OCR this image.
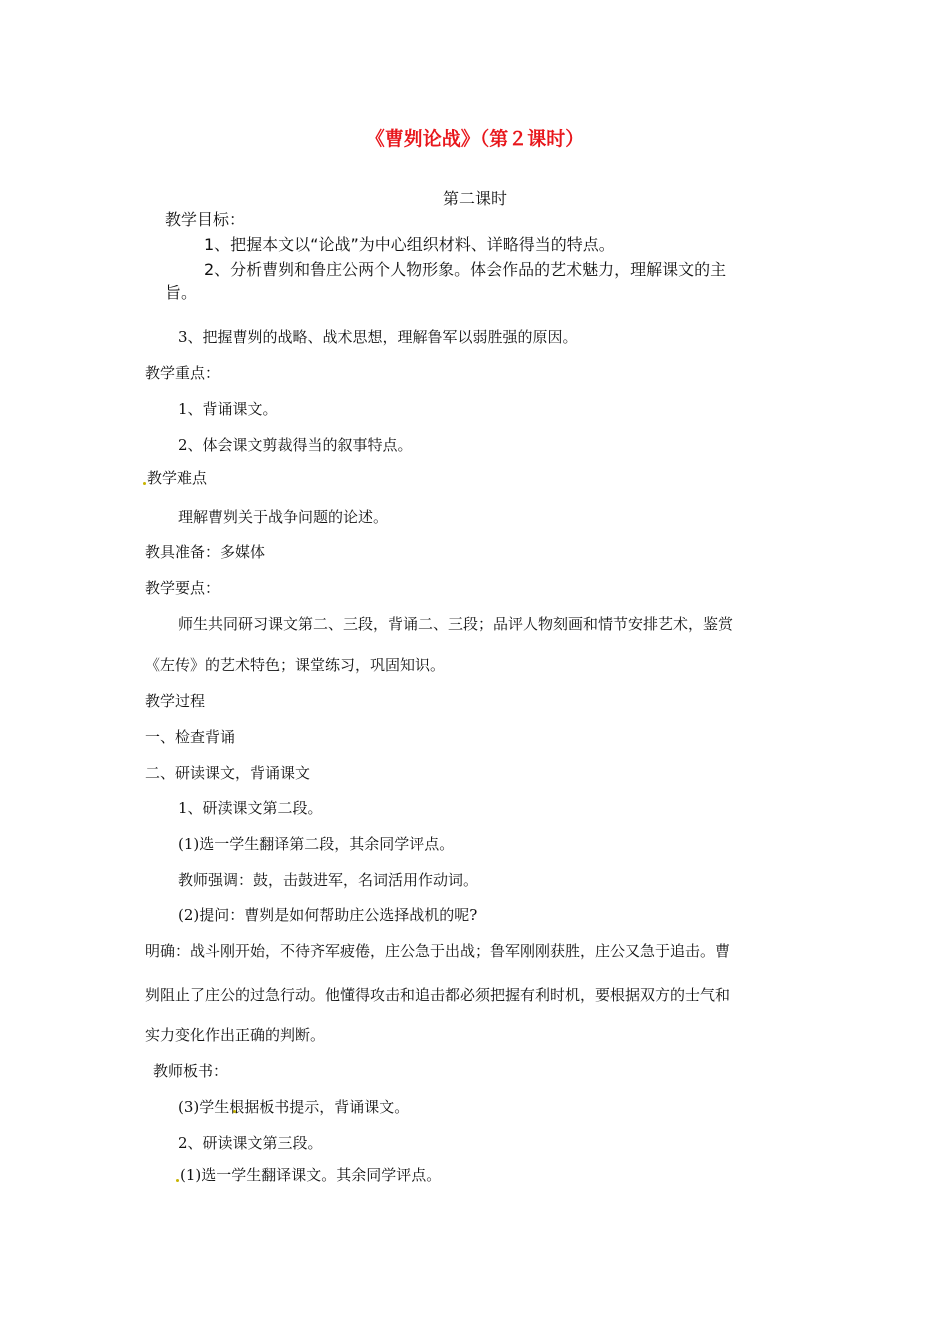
《曹刿论战》（第２课时）
第二课时
教学目标：
1、把握本文以“论战”为中心组织材料、详略得当的特点。
2、分析曹刿和鲁庄公两个人物形象。体会作品的艺术魅力，理解课文的主
旨。
3、把握曹刿的战略、战术思想，理解鲁军以弱胜强的原因。
教学重点：
1、背诵课文。
2、体会课文剪裁得当的叙事特点。
教学难点
理解曹刿关于战争问题的论述。
教具准备：多媒体
教学要点：
师生共同研习课文第二、三段，背诵二、三段；品评人物刻画和情节安排艺术，鉴赏
《左传》的艺术特色；课堂练习，巩固知识。
教学过程
一、检查背诵
二、研读课文，背诵课文
1、研渎课文第二段。
(1)选一学生翻译第二段，其余同学评点。
教师强调：鼓，击鼓进军，名词活用作动词。
(2)提问：曹刿是如何帮助庄公选择战机的呢?
明确：战斗刚开始，不待齐军疲倦，庄公急于出战；鲁军刚刚获胜，庄公又急于追击。曹
刿阻止了庄公的过急行动。他懂得攻击和追击都必须把握有利时机，要根据双方的士气和
实力变化作出正确的判断。
教师板书：
(3)学生根据板书提示，背诵课文。
2、研读课文第三段。
(1)选一学生翻译课文。其余同学评点。
